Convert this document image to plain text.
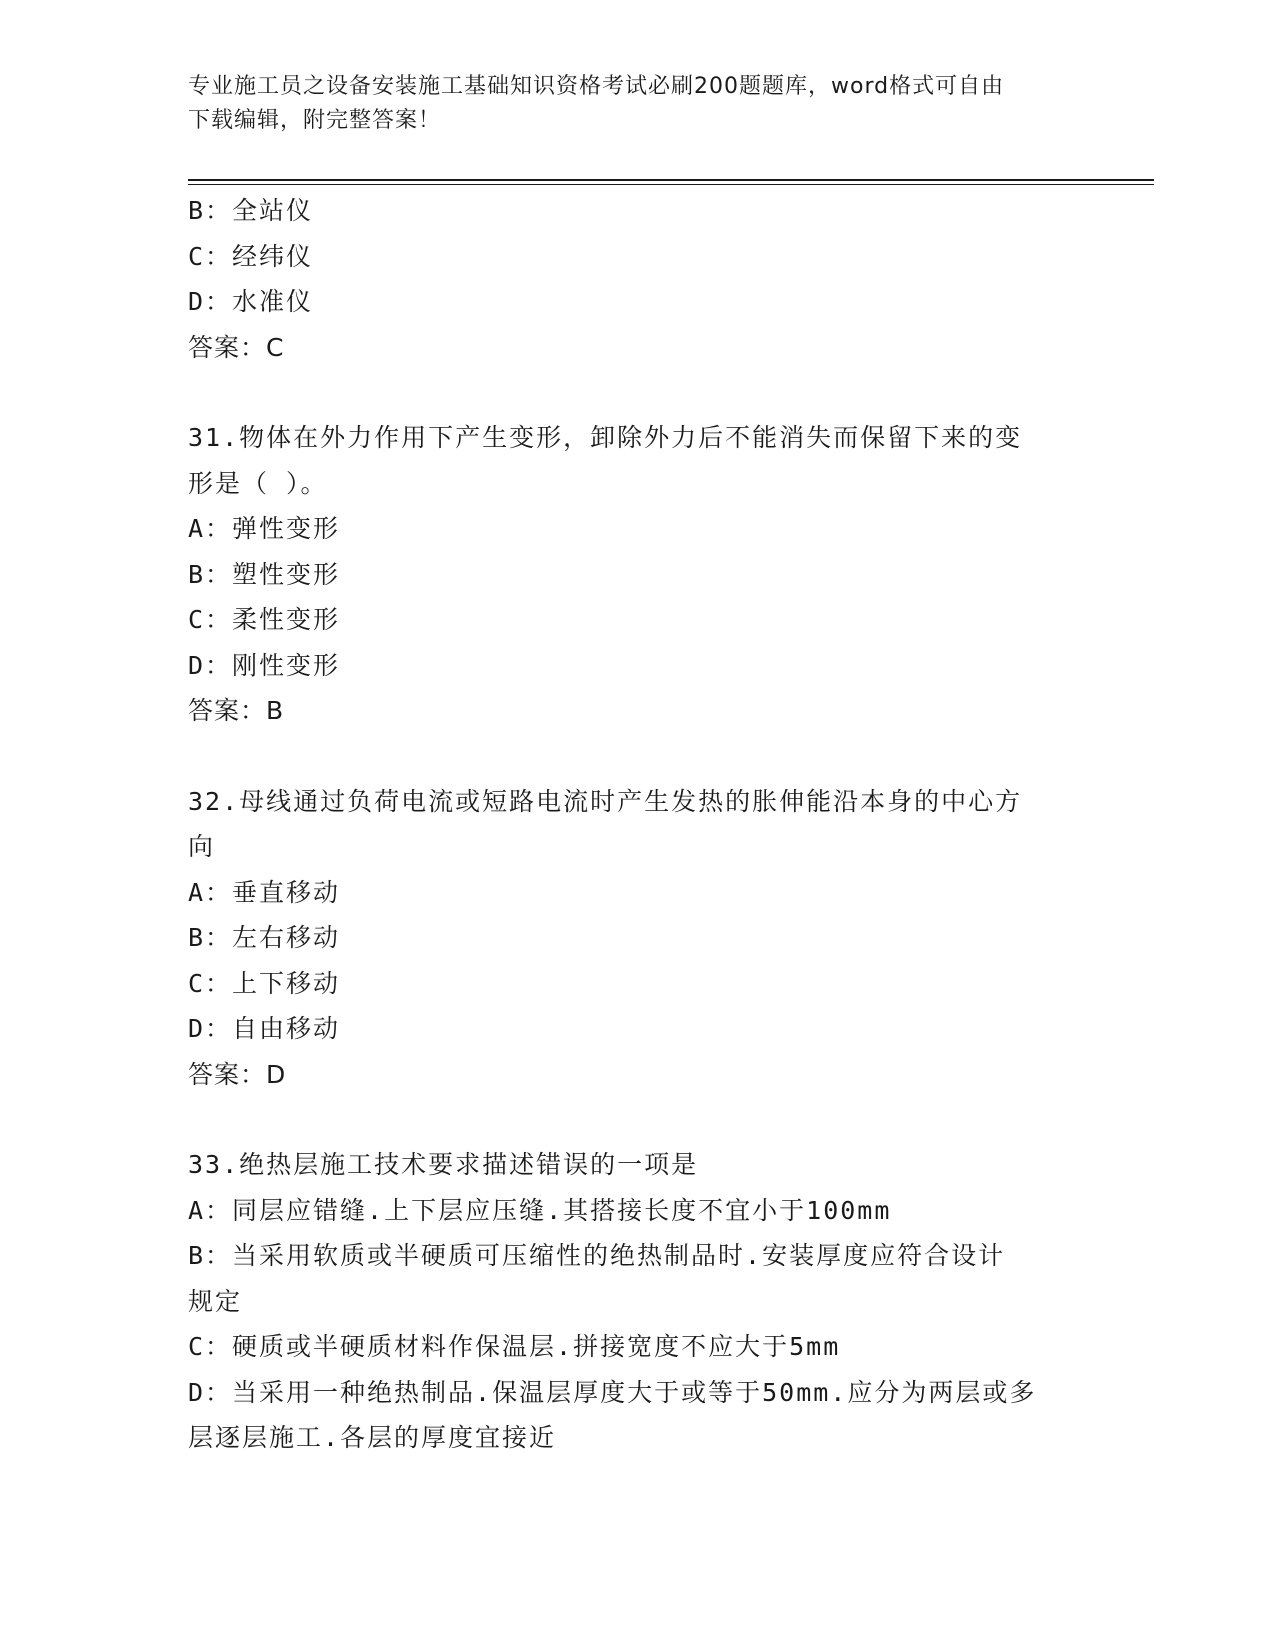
专业施工员之设备安装施工基础知识资格考试必刷200题题库，word格式可自由
下载编辑，附完整答案！
B：全站仪
C：经纬仪
D：水准仪
答案：C
31.物体在外力作用下产生变形，卸除外力后不能消失而保留下来的变
形是（ ）。
A：弹性变形
B：塑性变形
C：柔性变形
D：刚性变形
答案：B
32.母线通过负荷电流或短路电流时产生发热的胀伸能沿本身的中心方
向
A：垂直移动
B：左右移动
C：上下移动
D：自由移动
答案：D
33.绝热层施工技术要求描述错误的一项是
A：同层应错缝.上下层应压缝.其搭接长度不宜小于100mm
B：当采用软质或半硬质可压缩性的绝热制品时.安装厚度应符合设计
规定
C：硬质或半硬质材料作保温层.拼接宽度不应大于5mm
D：当采用一种绝热制品.保温层厚度大于或等于50mm.应分为两层或多
层逐层施工.各层的厚度宜接近
